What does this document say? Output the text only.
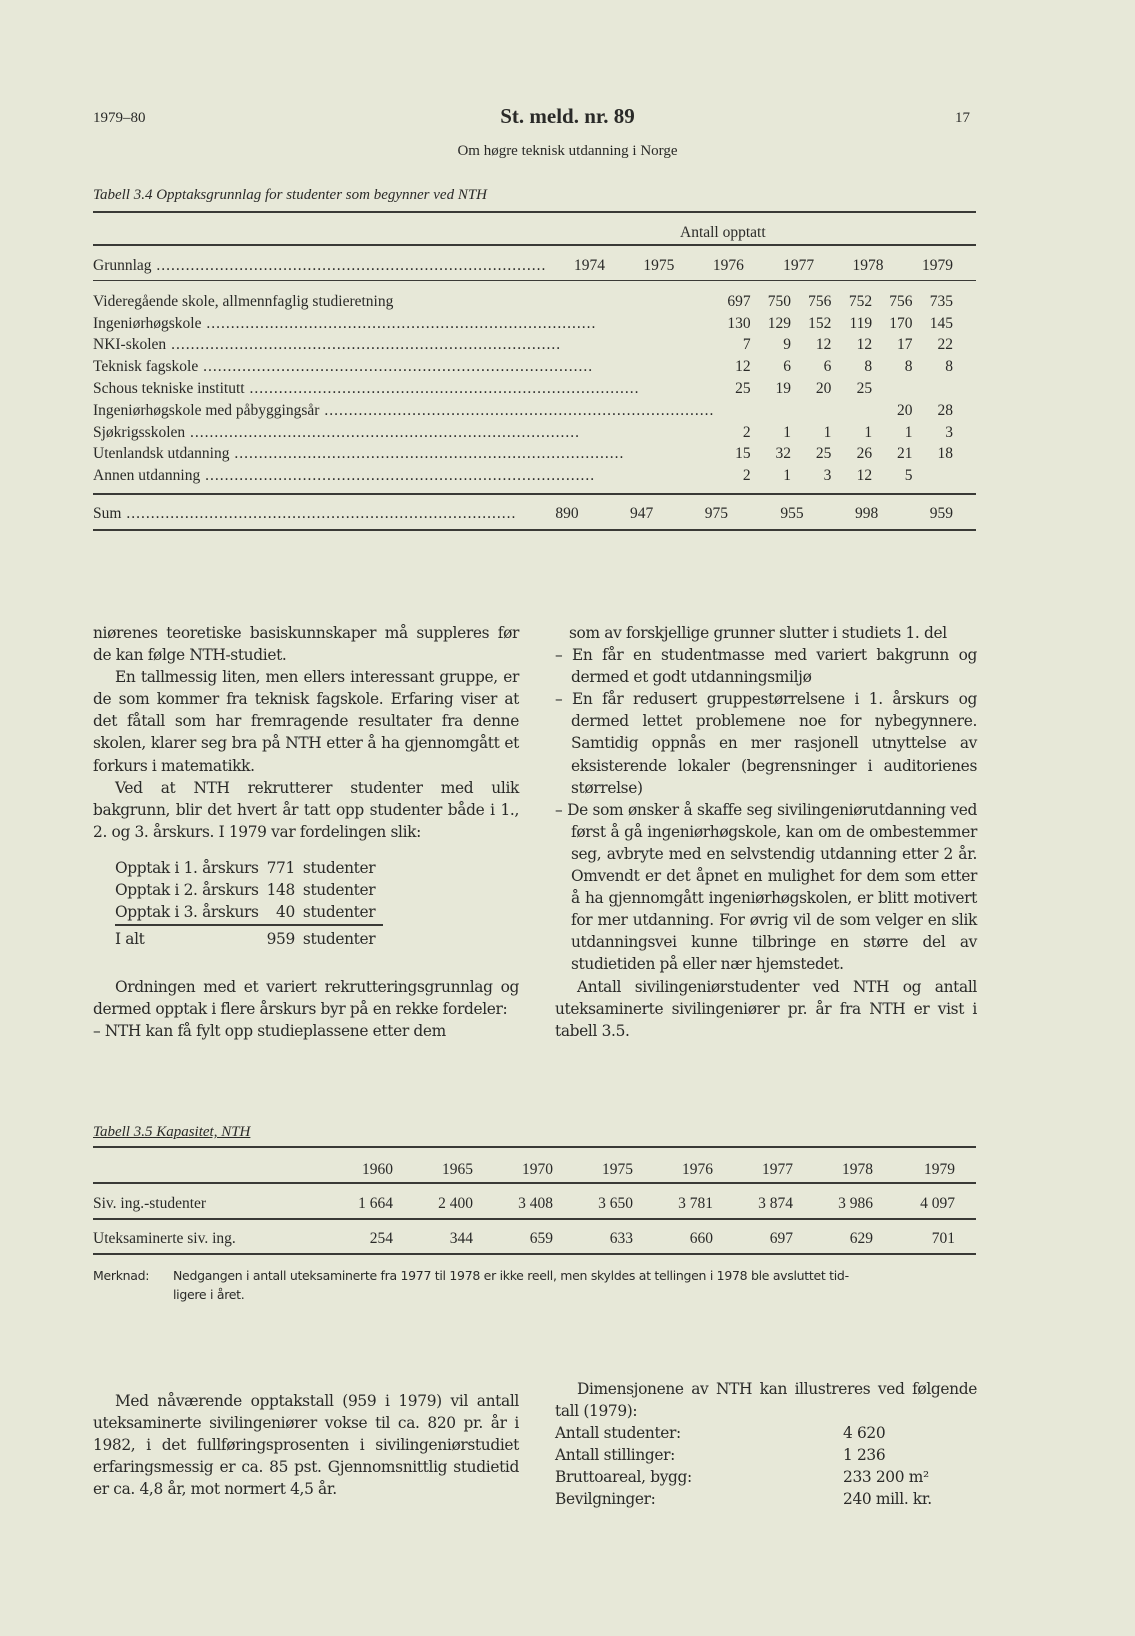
1979–80	St. meld. nr. 89	17
Om høgre teknisk utdanning i Norge
Tabell 3.4 Opptaksgrunnlag for studenter som begynner ved NTH
Antall opptatt
Grunnlag .....	1974	1975	1976	1977	1978	1979
Videregående skole, allmennfaglig studieretning	697	750	756	752	756	735

Ingeniørhøgskole .....	130	129	152	119	170	145

NKI-skolen .....	7	9	12	12	17	22

Teknisk fagskole .....	12	6	6	8	8	8

Schous tekniske institutt .....	25	19	20	25		

Ingeniørhøgskole med påbyggingsår .....					20	28

Sjøkrigsskolen .....	2	1	1	1	1	3

Utenlandsk utdanning .....	15	32	25	26	21	18

Annen utdanning .....	2	1	3	12	5	
Sum .....	890	947	975	955	998	959

niørenes teoretiske basiskunnskaper må suppleres før de kan følge NTH-studiet.

En tallmessig liten, men ellers interessant gruppe, er de som kommer fra teknisk fagskole. Erfaring viser at det fåtall som har fremragende resultater fra denne skolen, klarer seg bra på NTH etter å ha gjennomgått et forkurs i matematikk.

Ved at NTH rekrutterer studenter med ulik bakgrunn, blir det hvert år tatt opp studenter både i 1., 2. og 3. årskurs. I 1979 var fordelingen slik:

Opptak i 1. årskurs	771	studenter
Opptak i 2. årskurs	148	studenter
Opptak i 3. årskurs	40	studenter
I alt	959	studenter

Ordningen med et variert rekrutteringsgrunnlag og dermed opptak i flere årskurs byr på en rekke fordeler:

– NTH kan få fylt opp studieplassene etter dem

som av forskjellige grunner slutter i studiets 1. del

– En får en studentmasse med variert bakgrunn og dermed et godt utdanningsmiljø

– En får redusert gruppestørrelsene i 1. årskurs og dermed lettet problemene noe for nybegynnere. Samtidig oppnås en mer rasjonell utnyttelse av eksisterende lokaler (begrensninger i auditorienes størrelse)

– De som ønsker å skaffe seg sivilingeniørutdanning ved først å gå ingeniørhøgskole, kan om de ombestemmer seg, avbryte med en selvstendig utdanning etter 2 år. Omvendt er det åpnet en mulighet for dem som etter å ha gjennomgått ingeniørhøgskolen, er blitt motivert for mer utdanning. For øvrig vil de som velger en slik utdanningsvei kunne tilbringe en større del av studietiden på eller nær hjemstedet.

Antall sivilingeniørstudenter ved NTH og antall uteksaminerte sivilingeniører pr. år fra NTH er vist i tabell 3.5.

Tabell 3.5 Kapasitet, NTH
	1960	1965	1970	1975	1976	1977	1978	1979
Siv. ing.-studenter	1 664	2 400	3 408	3 650	3 781	3 874	3 986	4 097
Uteksaminerte siv. ing.	254	344	659	633	660	697	629	701
Merknad: Nedgangen i antall uteksaminerte fra 1977 til 1978 er ikke reell, men skyldes at tellingen i 1978 ble avsluttet tid-
ligere i året.

Med nåværende opptakstall (959 i 1979) vil antall uteksaminerte sivilingeniører vokse til ca. 820 pr. år i 1982, i det fullføringsprosenten i sivilingeniørstudiet erfaringsmessig er ca. 85 pst. Gjennomsnittlig studietid er ca. 4,8 år, mot normert 4,5 år.

Dimensjonene av NTH kan illustreres ved følgende tall (1979):

Antall studenter:	4 620
Antall stillinger:	1 236
Bruttoareal, bygg:	233 200 m²
Bevilgninger:	240 mill. kr.
